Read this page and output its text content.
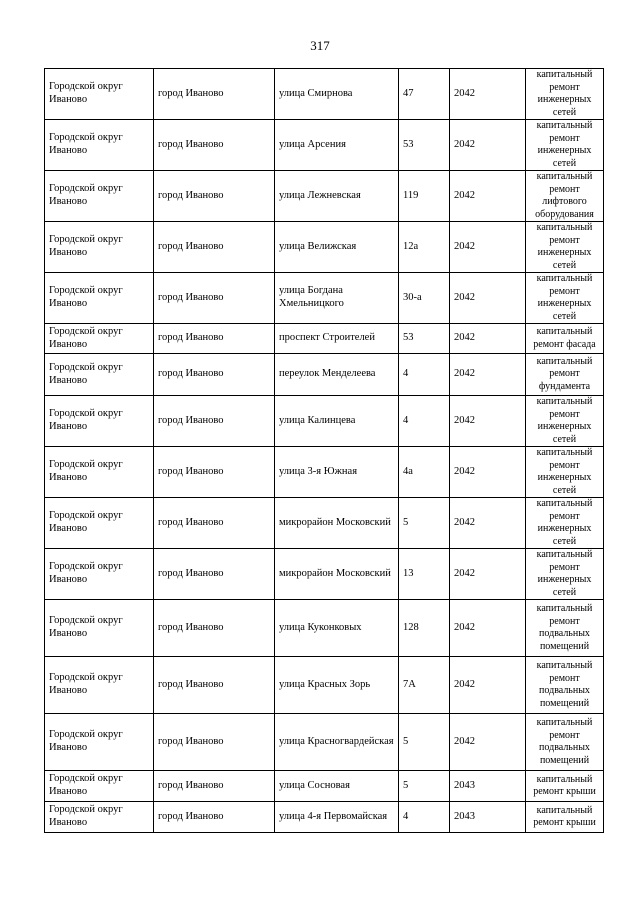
317
Городской округ Иваново	город Иваново	улица Смирнова	47	2042	капитальный ремонт инженерных сетей
Городской округ Иваново	город Иваново	улица Арсения	53	2042	капитальный ремонт инженерных сетей
Городской округ Иваново	город Иваново	улица Лежневская	119	2042	капитальный ремонт лифтового оборудования
Городской округ Иваново	город Иваново	улица Велижская	12а	2042	капитальный ремонт инженерных сетей
Городской округ Иваново	город Иваново	улица Богдана Хмельницкого	30-а	2042	капитальный ремонт инженерных сетей
Городской округ Иваново	город Иваново	проспект Строителей	53	2042	капитальный ремонт фасада
Городской округ Иваново	город Иваново	переулок Менделеева	4	2042	капитальный ремонт фундамента
Городской округ Иваново	город Иваново	улица Калинцева	4	2042	капитальный ремонт инженерных сетей
Городской округ Иваново	город Иваново	улица 3-я Южная	4а	2042	капитальный ремонт инженерных сетей
Городской округ Иваново	город Иваново	микрорайон Московский	5	2042	капитальный ремонт инженерных сетей
Городской округ Иваново	город Иваново	микрорайон Московский	13	2042	капитальный ремонт инженерных сетей
Городской округ Иваново	город Иваново	улица Куконковых	128	2042	капитальный ремонт подвальных помещений
Городской округ Иваново	город Иваново	улица Красных Зорь	7А	2042	капитальный ремонт подвальных помещений
Городской округ Иваново	город Иваново	улица Красногвардейская	5	2042	капитальный ремонт подвальных помещений
Городской округ Иваново	город Иваново	улица Сосновая	5	2043	капитальный ремонт крыши
Городской округ Иваново	город Иваново	улица 4-я Первомайская	4	2043	капитальный ремонт крыши
